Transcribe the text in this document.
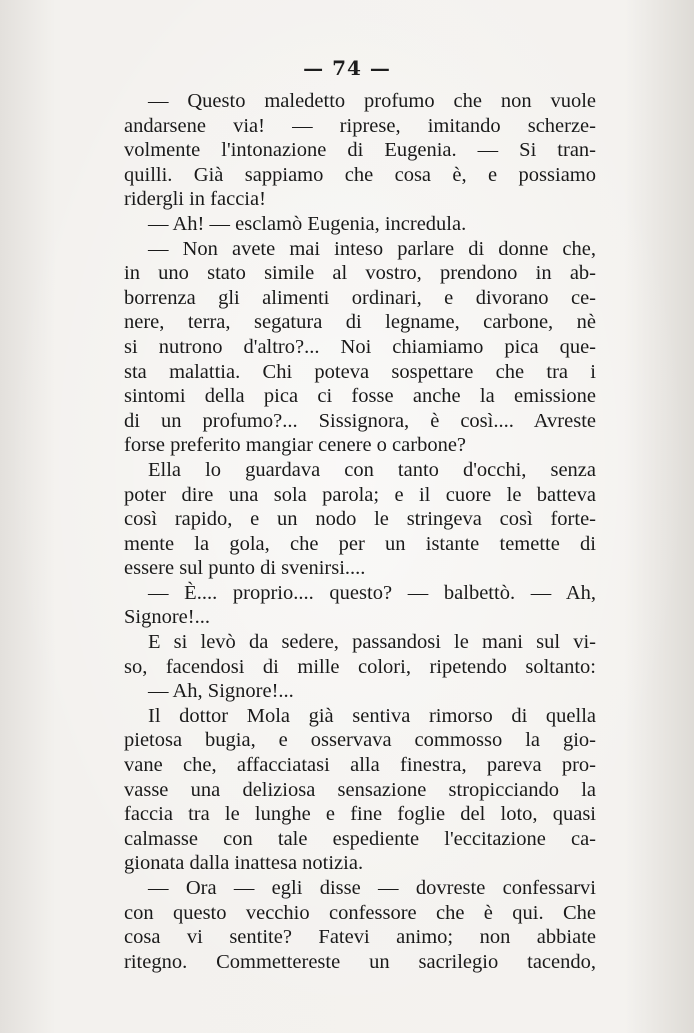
— 74 —

— Questo maledetto profumo che non vuole
andarsene via! — riprese, imitando scherze-
volmente l'intonazione di Eugenia. — Si tran-
quilli. Già sappiamo che cosa è, e possiamo
ridergli in faccia!
— Ah! — esclamò Eugenia, incredula.
— Non avete mai inteso parlare di donne che,
in uno stato simile al vostro, prendono in ab-
borrenza gli alimenti ordinari, e divorano ce-
nere, terra, segatura di legname, carbone, nè
si nutrono d'altro?... Noi chiamiamo pica que-
sta malattia. Chi poteva sospettare che tra i
sintomi della pica ci fosse anche la emissione
di un profumo?... Sissignora, è così.... Avreste
forse preferito mangiar cenere o carbone?
Ella lo guardava con tanto d'occhi, senza
poter dire una sola parola; e il cuore le batteva
così rapido, e un nodo le stringeva così forte-
mente la gola, che per un istante temette di
essere sul punto di svenirsi....
— È.... proprio.... questo? — balbettò. — Ah,
Signore!...
E si levò da sedere, passandosi le mani sul vi-
so, facendosi di mille colori, ripetendo soltanto:
— Ah, Signore!...
Il dottor Mola già sentiva rimorso di quella
pietosa bugia, e osservava commosso la gio-
vane che, affacciatasi alla finestra, pareva pro-
vasse una deliziosa sensazione stropicciando la
faccia tra le lunghe e fine foglie del loto, quasi
calmasse con tale espediente l'eccitazione ca-
gionata dalla inattesa notizia.
— Ora — egli disse — dovreste confessarvi
con questo vecchio confessore che è qui. Che
cosa vi sentite? Fatevi animo; non abbiate
ritegno. Commettereste un sacrilegio tacendo,
